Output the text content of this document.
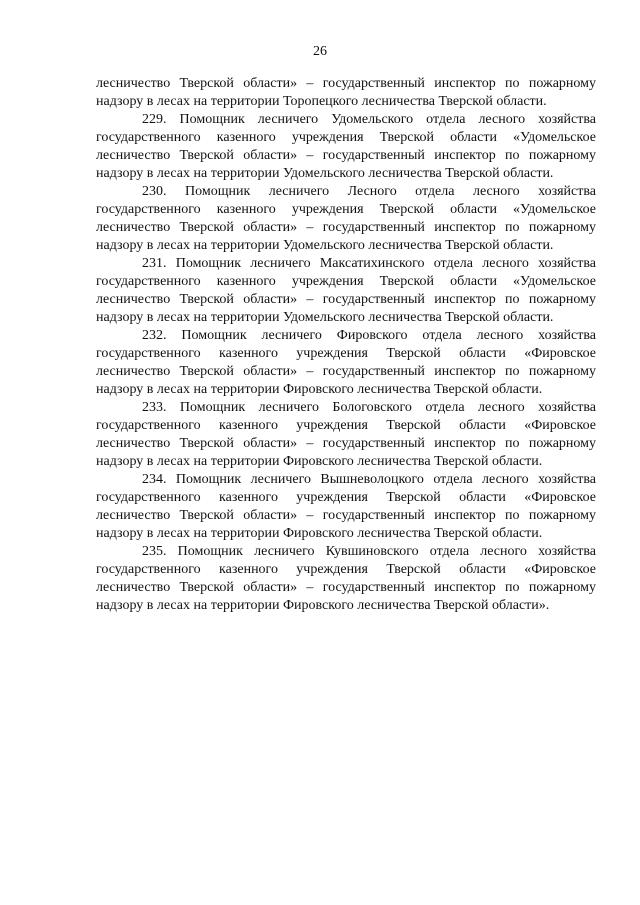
26

лесничество Тверской области» – государственный инспектор по пожарному надзору в лесах на территории Торопецкого лесничества Тверской области.

229. Помощник лесничего Удомельского отдела лесного хозяйства государственного казенного учреждения Тверской области «Удомельское лесничество Тверской области» – государственный инспектор по пожарному надзору в лесах на территории Удомельского лесничества Тверской области.

230. Помощник лесничего Лесного отдела лесного хозяйства государственного казенного учреждения Тверской области «Удомельское лесничество Тверской области» – государственный инспектор по пожарному надзору в лесах на территории Удомельского лесничества Тверской области.

231. Помощник лесничего Максатихинского отдела лесного хозяйства государственного казенного учреждения Тверской области «Удомельское лесничество Тверской области» – государственный инспектор по пожарному надзору в лесах на территории Удомельского лесничества Тверской области.

232. Помощник лесничего Фировского отдела лесного хозяйства государственного казенного учреждения Тверской области «Фировское лесничество Тверской области» – государственный инспектор по пожарному надзору в лесах на территории Фировского лесничества Тверской области.

233. Помощник лесничего Бологовского отдела лесного хозяйства государственного казенного учреждения Тверской области «Фировское лесничество Тверской области» – государственный инспектор по пожарному надзору в лесах на территории Фировского лесничества Тверской области.

234. Помощник лесничего Вышневолоцкого отдела лесного хозяйства государственного казенного учреждения Тверской области «Фировское лесничество Тверской области» – государственный инспектор по пожарному надзору в лесах на территории Фировского лесничества Тверской области.

235. Помощник лесничего Кувшиновского отдела лесного хозяйства государственного казенного учреждения Тверской области «Фировское лесничество Тверской области» – государственный инспектор по пожарному надзору в лесах на территории Фировского лесничества Тверской области».
